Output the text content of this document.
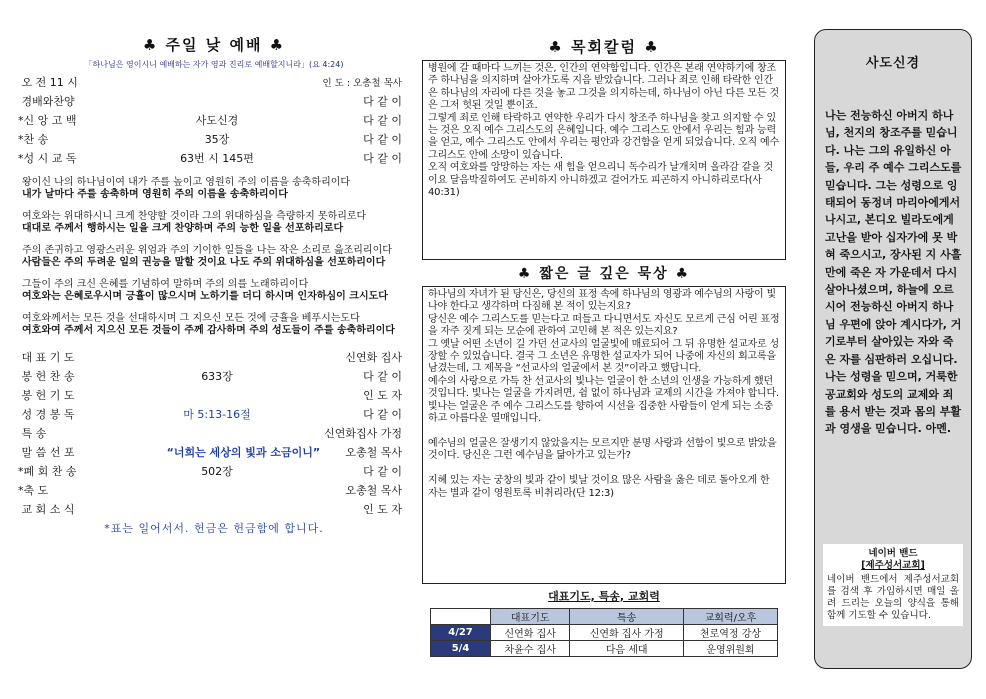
♣ 주일 낮 예배 ♣
「하나님은 영이시니 예배하는 자가 영과 진리로 예배할지니라」(요 4:24)
오 전 11 시	인 도 : 오총철 목사
경배와찬양	다 같 이
*신 앙 고 백	사도신경	다 같 이
*찬 송	35장	다 같 이
*성 시 교 독	63번 시 145편	다 같 이
왕이신 나의 하나님이여 내가 주를 높이고 영원히 주의 이름을 송축하리이다
내가 날마다 주를 송축하며 영원히 주의 이름을 송축하리이다
여호와는 위대하시니 크게 찬양할 것이라 그의 위대하심을 측량하지 못하리로다
대대로 주께서 행하시는 일을 크게 찬양하며 주의 능한 일을 선포하리로다
주의 존귀하고 영광스러운 위엄과 주의 기이한 일들을 나는 작은 소리로 읊조리리이다
사람들은 주의 두려운 일의 권능을 말할 것이요 나도 주의 위대하심을 선포하리이다
그들이 주의 크신 은혜를 기념하여 말하며 주의 의를 노래하리이다
여호와는 은혜로우시며 긍휼이 많으시며 노하기를 더디 하시며 인자하심이 크시도다
여호와께서는 모든 것을 선대하시며 그 지으신 모든 것에 긍휼을 베푸시는도다
여호와여 주께서 지으신 모든 것들이 주께 감사하며 주의 성도들이 주를 송축하리이다
대 표 기 도	신연화 집사
봉 헌 찬 송	633장	다 같 이
봉 헌 기 도	인 도 자
성 경 봉 독	마 5:13-16절	다 같 이
특 송	신연화집사 가정
말 씀 선 포	“너희는 세상의 빛과 소금이니”	오총철 목사
*폐 회 찬 송	502장	다 같 이
*축 도	오총철 목사
교 회 소 식	인 도 자
*표는 일어서서. 헌금은 헌금함에 합니다.
♣ 목회칼럼 ♣
병원에 갈 때마다 느끼는 것은, 인간의 연약함입니다. 인간은 본래 연약하기에 창조주 하나님을 의지하며 살아가도록 지음 받았습니다. 그러나 죄로 인해 타락한 인간은 하나님의 자리에 다른 것을 놓고 그것을 의지하는데, 하나님이 아닌 다른 모든 것은 그저 헛된 것일 뿐이죠.
그렇게 죄로 인해 타락하고 연약한 우리가 다시 창조주 하나님을 찾고 의지할 수 있는 것은 오직 예수 그리스도의 은혜입니다. 예수 그리스도 안에서 우리는 힘과 능력을 얻고, 예수 그리스도 안에서 우리는 평안과 강건함을 얻게 되었습니다. 오직 예수 그리스도 안에 소망이 있습니다.
오직 여호와를 앙망하는 자는 새 힘을 얻으리니 독수리가 날개치며 올라감 같을 것이요 달음박질하여도 곤비하지 아니하겠고 걸어가도 피곤하지 아니하리로다(사 40:31)
♣ 짧은 글 깊은 묵상 ♣
하나님의 자녀가 된 당신은, 당신의 표정 속에 하나님의 영광과 예수님의 사랑이 빛나야 한다고 생각하며 다짐해 본 적이 있는지요?
당신은 예수 그리스도를 믿는다고 떠들고 다니면서도 자신도 모르게 근심 어린 표정을 자주 짓게 되는 모순에 관하여 고민해 본 적은 있는지요?
그 옛날 어떤 소년이 길 가던 선교사의 얼굴빛에 매료되어 그 뒤 유명한 설교자로 성장할 수 있었습니다. 결국 그 소년은 유명한 설교자가 되어 나중에 자신의 회고록을 남겼는데, 그 제목을 “선교사의 얼굴에서 본 것”이라고 했답니다.
예수의 사랑으로 가득 찬 선교사의 빛나는 얼굴이 한 소년의 인생을 가능하게 했던 것입니다. 빛나는 얼굴을 가지려면, 쉼 없이 하나님과 교제의 시간을 가져야 합니다. 빛나는 얼굴은 주 예수 그리스도를 향하여 시선을 집중한 사람들이 얻게 되는 소중하고 아름다운 열매입니다.

예수님의 얼굴은 잘생기지 않았을지는 모르지만 분명 사랑과 선함이 빛으로 밝았을 것이다. 당신은 그런 예수님을 닮아가고 있는가?

지혜 있는 자는 궁창의 빛과 같이 빛날 것이요 많은 사람을 옳은 데로 돌아오게 한 자는 별과 같이 영원토록 비취리라(단 12:3)
대표기도, 특송, 교회력
	대표기도	특송	교회력/오후
4/27	신연화 집사	신연화 집사 가정	천로역정 강상
5/4	차윤수 집사	다음 세대	운영위원회
사도신경
나는 전능하신 아버지 하나님, 천지의 창조주를 믿습니다. 나는 그의 유일하신 아들, 우리 주 예수 그리스도를 믿습니다. 그는 성령으로 잉태되어 동정녀 마리아에게서 나시고, 본디오 빌라도에게 고난을 받아 십자가에 못 박혀 죽으시고, 장사된 지 사흘 만에 죽은 자 가운데서 다시 살아나셨으며, 하늘에 오르시어 전능하신 아버지 하나님 우편에 앉아 계시다가, 거기로부터 살아있는 자와 죽은 자를 심판하러 오십니다. 나는 성령을 믿으며, 거룩한 공교회와 성도의 교제와 죄를 용서 받는 것과 몸의 부활과 영생을 믿습니다. 아멘.
네이버 밴드
[제주성서교회]
네이버 밴드에서 제주성서교회를 검색 후 가입하시면 매일 올려 드리는 오늘의 양식을 통해 함께 기도할 수 있습니다.
